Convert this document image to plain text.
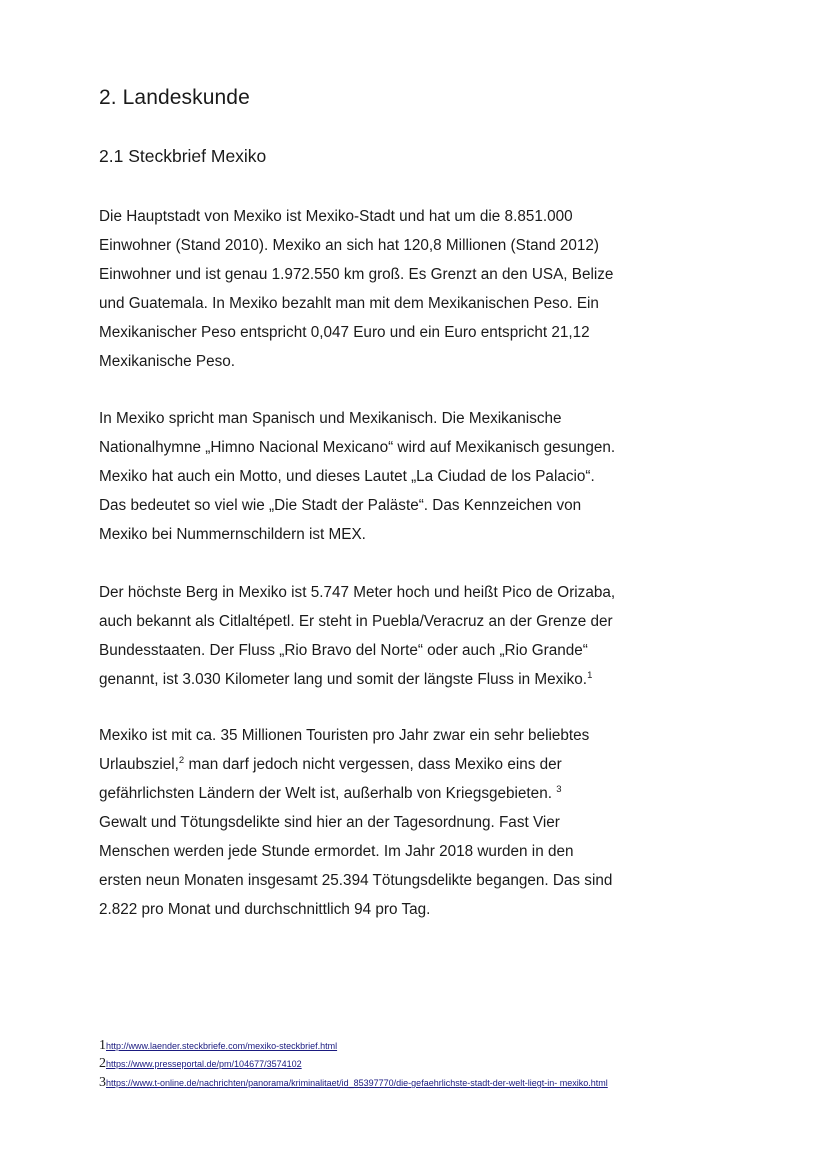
2. Landeskunde
2.1 Steckbrief Mexiko

Die Hauptstadt von Mexiko ist Mexiko-Stadt und hat um die 8.851.000
Einwohner (Stand 2010). Mexiko an sich hat 120,8 Millionen (Stand 2012)
Einwohner und ist genau 1.972.550 km groß. Es Grenzt an den USA, Belize
und Guatemala. In Mexiko bezahlt man mit dem Mexikanischen Peso. Ein
Mexikanischer Peso entspricht 0,047 Euro und ein Euro entspricht 21,12
Mexikanische Peso.

In Mexiko spricht man Spanisch und Mexikanisch. Die Mexikanische
Nationalhymne „Himno Nacional Mexicano“ wird auf Mexikanisch gesungen.
Mexiko hat auch ein Motto, und dieses Lautet „La Ciudad de los Palacio“.
Das bedeutet so viel wie „Die Stadt der Paläste“. Das Kennzeichen von
Mexiko bei Nummernschildern ist MEX.

Der höchste Berg in Mexiko ist 5.747 Meter hoch und heißt Pico de Orizaba,
auch bekannt als Citlaltépetl. Er steht in Puebla/Veracruz an der Grenze der
Bundesstaaten. Der Fluss „Rio Bravo del Norte“ oder auch „Rio Grande“
genannt, ist 3.030 Kilometer lang und somit der längste Fluss in Mexiko.$^1$

Mexiko ist mit ca. 35 Millionen Touristen pro Jahr zwar ein sehr beliebtes
Urlaubsziel,$^2$ man darf jedoch nicht vergessen, dass Mexiko eins der
gefährlichsten Ländern der Welt ist, außerhalb von Kriegsgebieten. $^3$
Gewalt und Tötungsdelikte sind hier an der Tagesordnung. Fast Vier
Menschen werden jede Stunde ermordet. Im Jahr 2018 wurden in den
ersten neun Monaten insgesamt 25.394 Tötungsdelikte begangen. Das sind
2.822 pro Monat und durchschnittlich 94 pro Tag.

1http://www.laender.steckbriefe.com/mexiko-steckbrief.html
2https://www.presseportal.de/pm/104677/3574102
3https://www.t-online.de/nachrichten/panorama/kriminalitaet/id_85397770/die-gefaehrlichste-stadt-der-welt-liegt-in- mexiko.html
